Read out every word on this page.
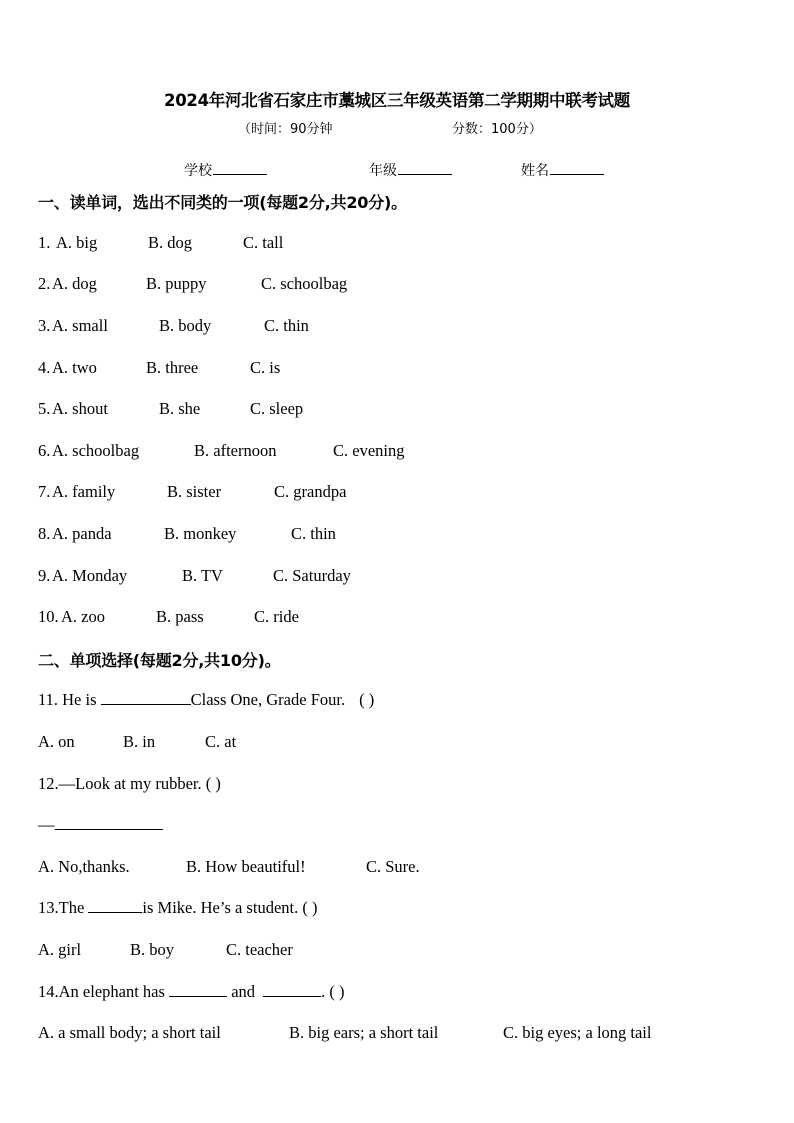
2024年河北省石家庄市藁城区三年级英语第二学期期中联考试题
（时间：90分钟	分数：100分）
学校	年级	姓名
一、读单词，选出不同类的一项(每题2分,共20分)。
1. A. big	B. dog	C. tall
2. A. dog	B. puppy	C. schoolbag
3. A. small	B. body	C. thin
4. A. two	B. three	C. is
5. A. shout	B. she	C. sleep
6. A. schoolbag	B. afternoon	C. evening
7. A. family	B. sister	C. grandpa
8. A. panda	B. monkey	C. thin
9. A. Monday	B. TV	C. Saturday
10. A. zoo	B. pass	C. ride
二、单项选择(每题2分,共10分)。
11. He is	Class One, Grade Four. ( )
A. on	B. in	C. at
12.—Look at my rubber. ( )
—
A. No,thanks.	B. How beautiful!	C. Sure.
13.The	is Mike. He’s a student. ( )
A. girl	B. boy	C. teacher
14.An elephant has	and	. ( )
A. a small body; a short tail	B. big ears; a short tail	C. big eyes; a long tail
